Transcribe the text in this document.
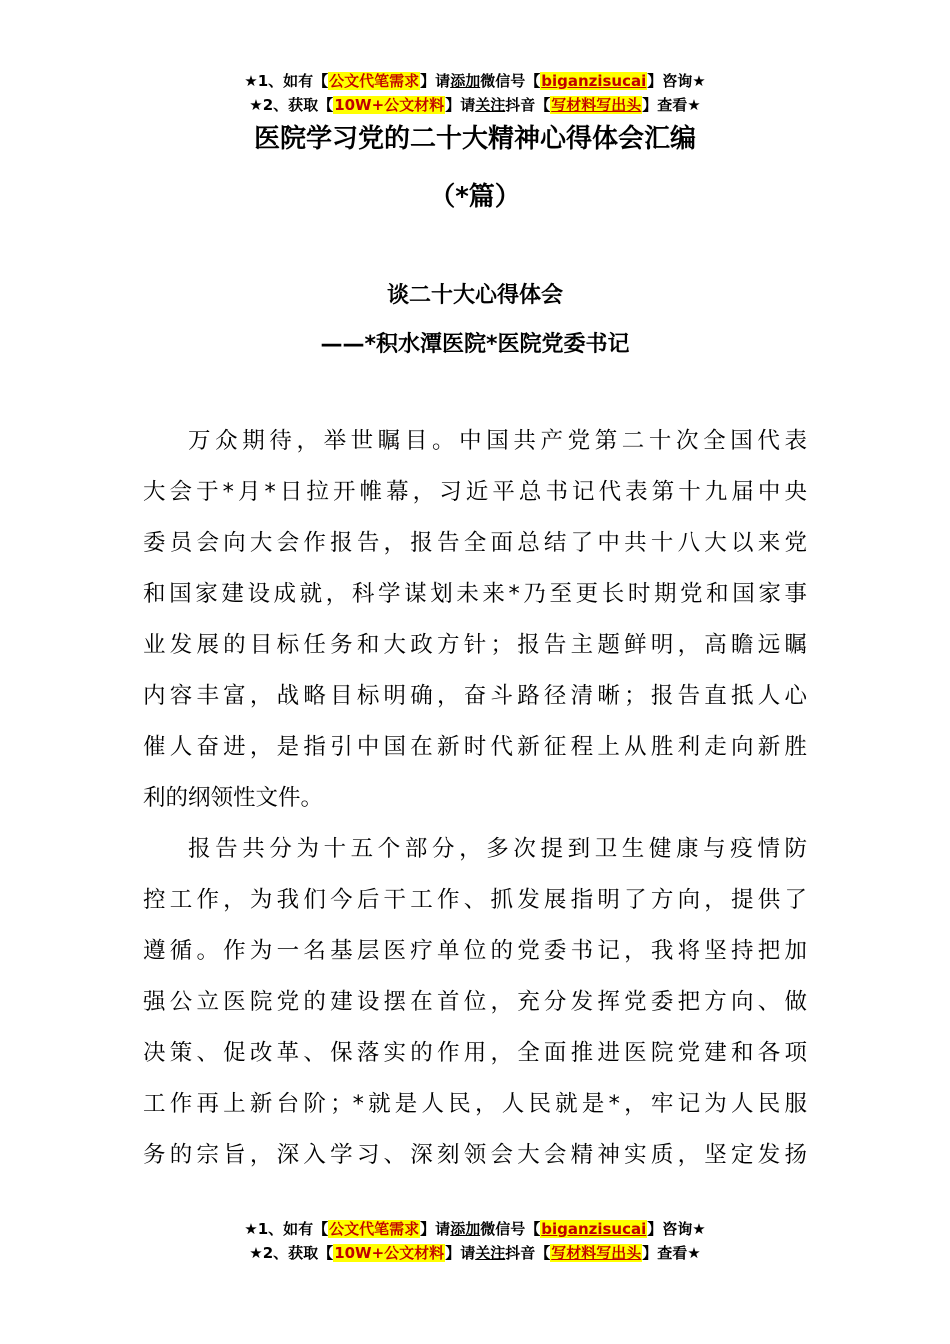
★1、如有【公文代笔需求】请添加微信号【biganzisucai】咨询★
★2、获取【10W+公文材料】请关注抖音【写材料写出头】查看★
医院学习党的二十大精神心得体会汇编
（*篇）
谈二十大心得体会
——*积水潭医院*医院党委书记
万众期待，举世瞩目。中国共产党第二十次全国代表
大会于*月*日拉开帷幕，习近平总书记代表第十九届中央
委员会向大会作报告，报告全面总结了中共十八大以来党
和国家建设成就，科学谋划未来*乃至更长时期党和国家事
业发展的目标任务和大政方针；报告主题鲜明，高瞻远瞩
内容丰富，战略目标明确，奋斗路径清晰；报告直抵人心
催人奋进，是指引中国在新时代新征程上从胜利走向新胜
利的纲领性文件。
报告共分为十五个部分，多次提到卫生健康与疫情防
控工作，为我们今后干工作、抓发展指明了方向，提供了
遵循。作为一名基层医疗单位的党委书记，我将坚持把加
强公立医院党的建设摆在首位，充分发挥党委把方向、做
决策、促改革、保落实的作用，全面推进医院党建和各项
工作再上新台阶；*就是人民，人民就是*，牢记为人民服
务的宗旨，深入学习、深刻领会大会精神实质，坚定发扬
★1、如有【公文代笔需求】请添加微信号【biganzisucai】咨询★
★2、获取【10W+公文材料】请关注抖音【写材料写出头】查看★
